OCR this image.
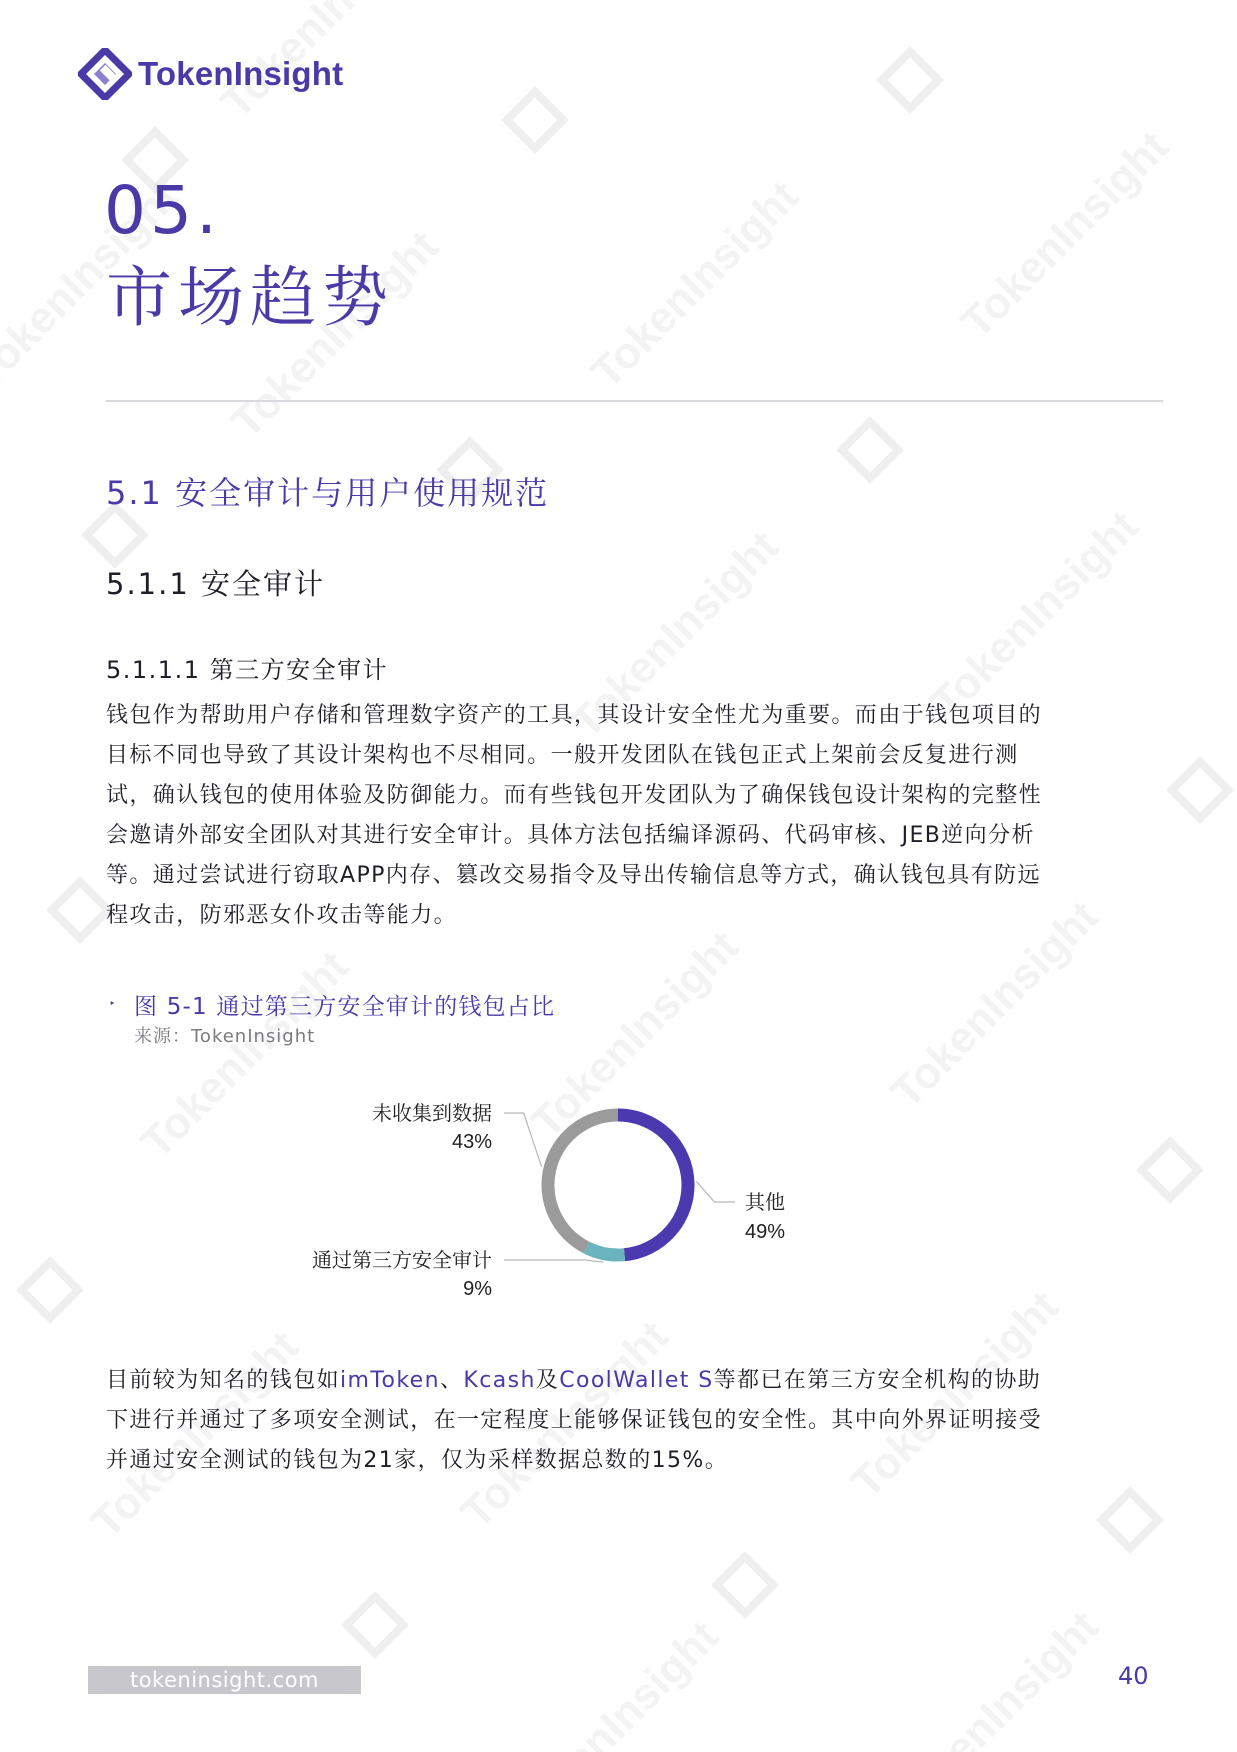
TokenInsight
05.
市场趋势
5.1 安全审计与用户使用规范
5.1.1 安全审计
5.1.1.1 第三方安全审计

钱包作为帮助用户存储和管理数字资产的工具，其设计安全性尤为重要。而由于钱包项目的目标不同也导致了其设计架构也不尽相同。一般开发团队在钱包正式上架前会反复进行测试，确认钱包的使用体验及防御能力。而有些钱包开发团队为了确保钱包设计架构的完整性会邀请外部安全团队对其进行安全审计。具体方法包括编译源码、代码审核、JEB逆向分析等。通过尝试进行窃取APP内存、篡改交易指令及导出传输信息等方式，确认钱包具有防远程攻击，防邪恶女仆攻击等能力。

‣ 图 5-1 通过第三方安全审计的钱包占比
来源：TokenInsight
其他
49%
通过第三方安全审计
9%
未收集到数据
43%

目前较为知名的钱包如imToken、Kcash及CoolWallet S等都已在第三方安全机构的协助下进行并通过了多项安全测试，在一定程度上能够保证钱包的安全性。其中向外界证明接受并通过安全测试的钱包为21家，仅为采样数据总数的15%。

tokeninsight.com	40
